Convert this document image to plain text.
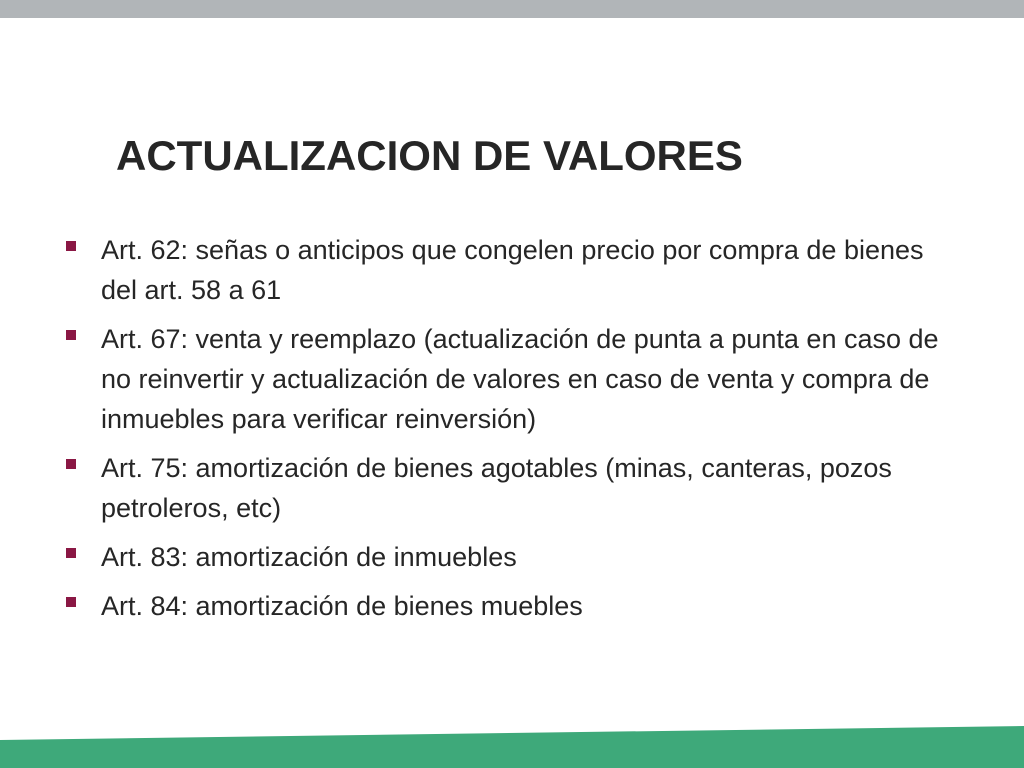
ACTUALIZACION DE VALORES
Art. 62: señas o anticipos que congelen precio por compra de bienes del art. 58 a 61
Art. 67: venta y reemplazo (actualización de punta a punta en caso de no reinvertir y actualización de valores en caso de venta y compra de inmuebles para verificar reinversión)
Art. 75: amortización de bienes agotables (minas, canteras, pozos petroleros, etc)
Art. 83: amortización de inmuebles
Art. 84: amortización de bienes muebles
